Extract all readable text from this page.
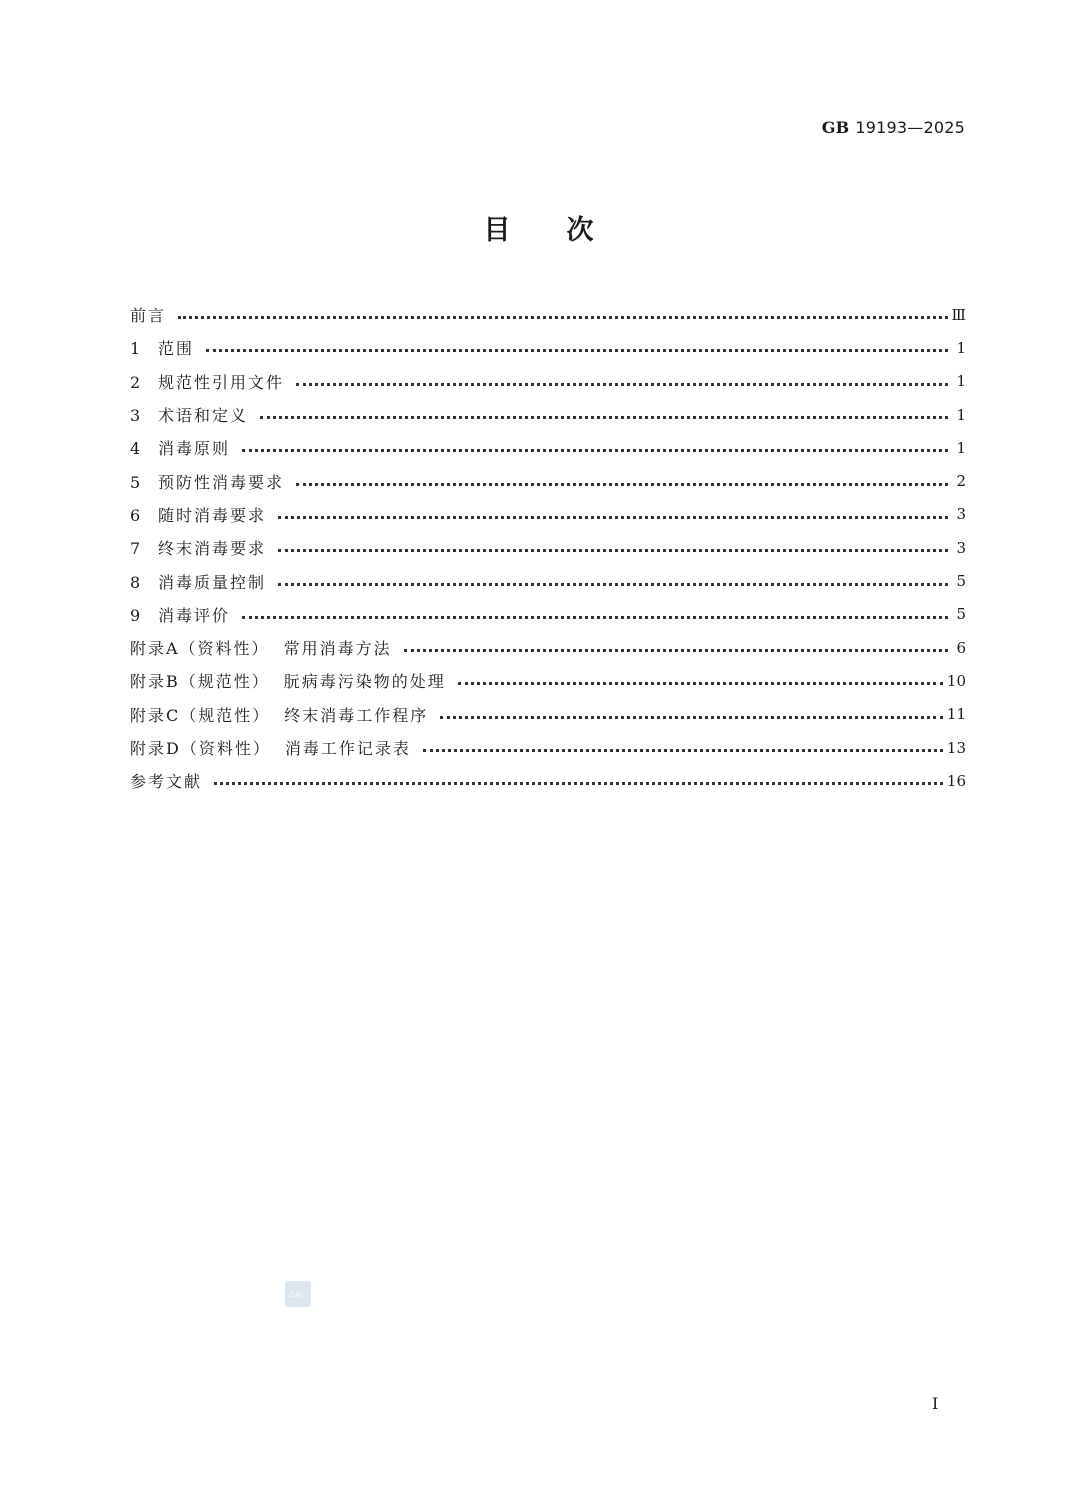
GB 19193—2025
目次
前言	Ⅲ
1 范围	1
2 规范性引用文件	1
3 术语和定义	1
4 消毒原则	1
5 预防性消毒要求	2
6 随时消毒要求	3
7 终末消毒要求	3
8 消毒质量控制	5
9 消毒评价	5
附录A（资料性） 常用消毒方法	6
附录B（规范性） 朊病毒污染物的处理	10
附录C（规范性） 终末消毒工作程序	11
附录D（资料性） 消毒工作记录表	13
参考文献	16
SAC
I
